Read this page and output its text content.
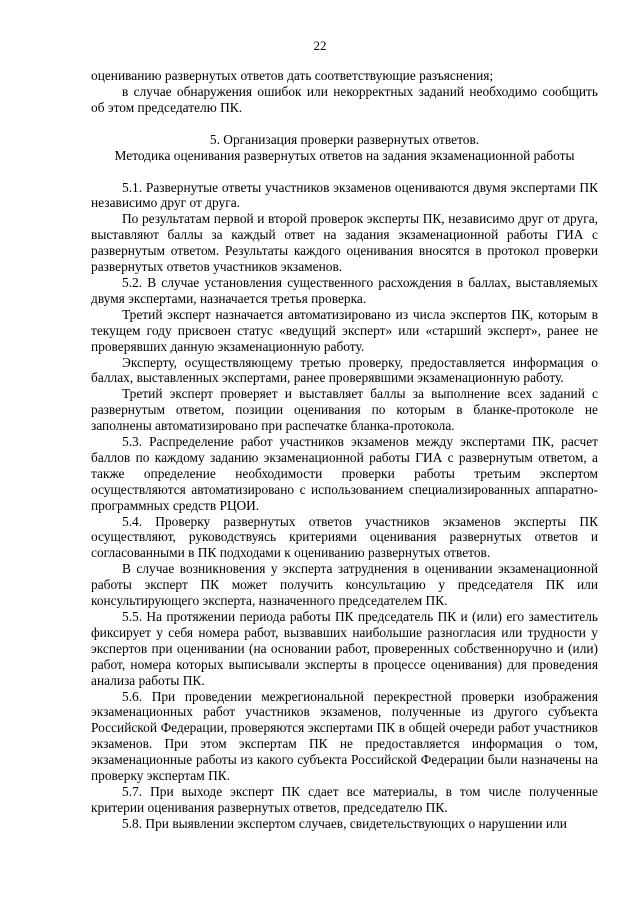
22

оцениванию развернутых ответов дать соответствующие разъяснения;

в случае обнаружения ошибок или некорректных заданий необходимо сообщить об этом председателю ПК.

5. Организация проверки развернутых ответов.

Методика оценивания развернутых ответов на задания экзаменационной работы

5.1. Развернутые ответы участников экзаменов оцениваются двумя экспертами ПК независимо друг от друга.

По результатам первой и второй проверок эксперты ПК, независимо друг от друга, выставляют баллы за каждый ответ на задания экзаменационной работы ГИА с развернутым ответом. Результаты каждого оценивания вносятся в протокол проверки развернутых ответов участников экзаменов.

5.2. В случае установления существенного расхождения в баллах, выставляемых двумя экспертами, назначается третья проверка.

Третий эксперт назначается автоматизировано из числа экспертов ПК, которым в текущем году присвоен статус «ведущий эксперт» или «старший эксперт», ранее не проверявших данную экзаменационную работу.

Эксперту, осуществляющему третью проверку, предоставляется информация о баллах, выставленных экспертами, ранее проверявшими экзаменационную работу.

Третий эксперт проверяет и выставляет баллы за выполнение всех заданий с развернутым ответом, позиции оценивания по которым в бланке-протоколе не заполнены автоматизировано при распечатке бланка-протокола.

5.3. Распределение работ участников экзаменов между экспертами ПК, расчет баллов по каждому заданию экзаменационной работы ГИА с развернутым ответом, а также определение необходимости проверки работы третьим экспертом осуществляются автоматизировано с использованием специализированных аппаратно-программных средств РЦОИ.

5.4. Проверку развернутых ответов участников экзаменов эксперты ПК осуществляют, руководствуясь критериями оценивания развернутых ответов и согласованными в ПК подходами к оцениванию развернутых ответов.

В случае возникновения у эксперта затруднения в оценивании экзаменационной работы эксперт ПК может получить консультацию у председателя ПК или консультирующего эксперта, назначенного председателем ПК.

5.5. На протяжении периода работы ПК председатель ПК и (или) его заместитель фиксирует у себя номера работ, вызвавших наибольшие разногласия или трудности у экспертов при оценивании (на основании работ, проверенных собственноручно и (или) работ, номера которых выписывали эксперты в процессе оценивания) для проведения анализа работы ПК.

5.6. При проведении межрегиональной перекрестной проверки изображения экзаменационных работ участников экзаменов, полученные из другого субъекта Российской Федерации, проверяются экспертами ПК в общей очереди работ участников экзаменов. При этом экспертам ПК не предоставляется информация о том, экзаменационные работы из какого субъекта Российской Федерации были назначены на проверку экспертам ПК.

5.7. При выходе эксперт ПК сдает все материалы, в том числе полученные критерии оценивания развернутых ответов, председателю ПК.

5.8. При выявлении экспертом случаев, свидетельствующих о нарушении или
